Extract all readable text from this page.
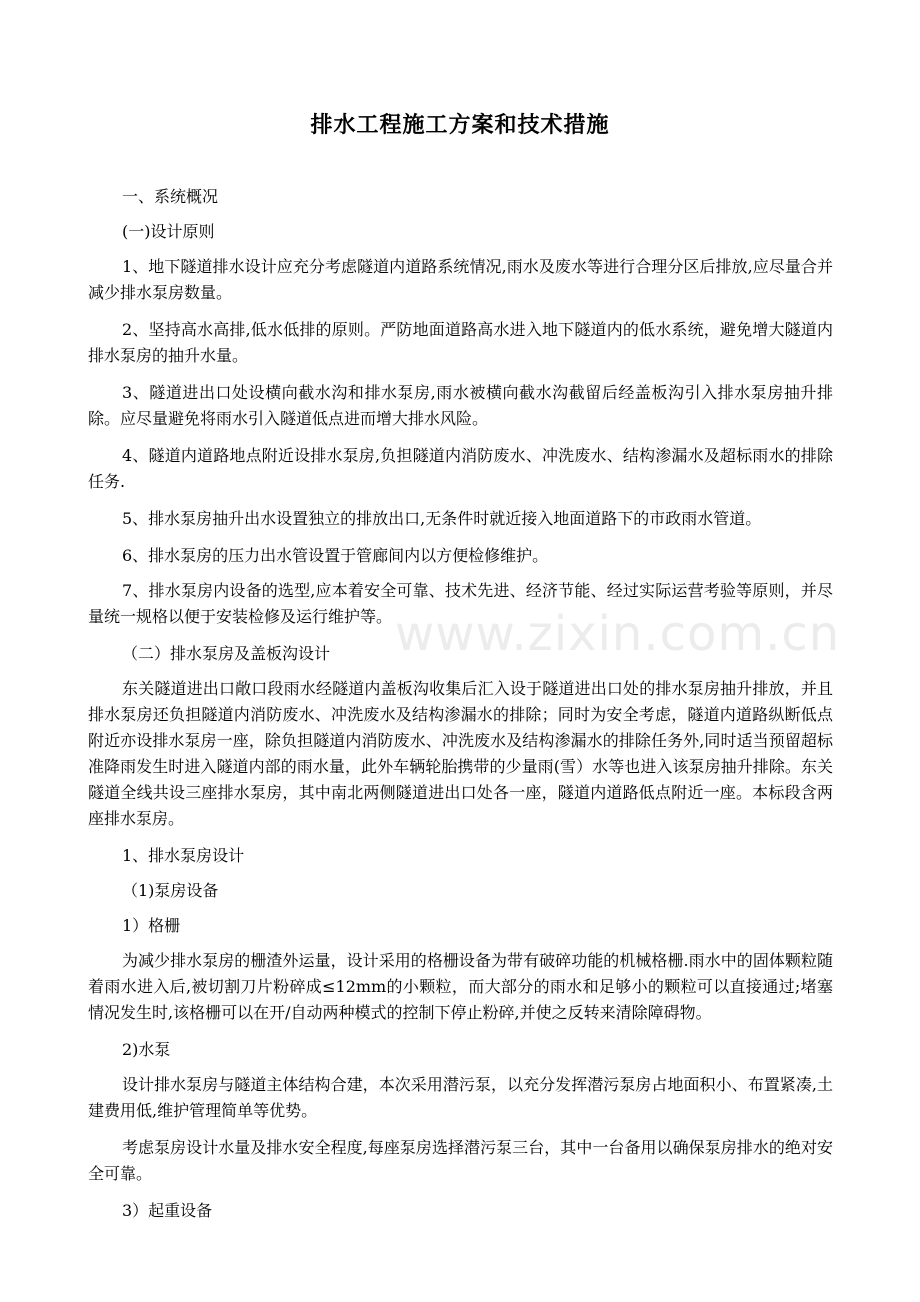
www.zixin.com.cn
排水工程施工方案和技术措施

一、系统概况

(一)设计原则

1、地下隧道排水设计应充分考虑隧道内道路系统情况,雨水及废水等进行合理分区后排放,应尽量合并减少排水泵房数量。

2、坚持高水高排,低水低排的原则。严防地面道路高水进入地下隧道内的低水系统，避免增大隧道内排水泵房的抽升水量。

3、隧道进出口处设横向截水沟和排水泵房,雨水被横向截水沟截留后经盖板沟引入排水泵房抽升排除。应尽量避免将雨水引入隧道低点进而增大排水风险。

4、隧道内道路地点附近设排水泵房,负担隧道内消防废水、冲洗废水、结构渗漏水及超标雨水的排除任务.

5、排水泵房抽升出水设置独立的排放出口,无条件时就近接入地面道路下的市政雨水管道。

6、排水泵房的压力出水管设置于管廊间内以方便检修维护。

7、排水泵房内设备的选型,应本着安全可靠、技术先进、经济节能、经过实际运营考验等原则，并尽量统一规格以便于安装检修及运行维护等。

（二）排水泵房及盖板沟设计

东关隧道进出口敞口段雨水经隧道内盖板沟收集后汇入设于隧道进出口处的排水泵房抽升排放，并且排水泵房还负担隧道内消防废水、冲洗废水及结构渗漏水的排除；同时为安全考虑，隧道内道路纵断低点附近亦设排水泵房一座，除负担隧道内消防废水、冲洗废水及结构渗漏水的排除任务外,同时适当预留超标准降雨发生时进入隧道内部的雨水量，此外车辆轮胎携带的少量雨(雪）水等也进入该泵房抽升排除。东关隧道全线共设三座排水泵房，其中南北两侧隧道进出口处各一座，隧道内道路低点附近一座。本标段含两座排水泵房。

1、排水泵房设计

（1)泵房设备

1）格栅

为减少排水泵房的栅渣外运量，设计采用的格栅设备为带有破碎功能的机械格栅.雨水中的固体颗粒随着雨水进入后,被切割刀片粉碎成≤12mm的小颗粒，而大部分的雨水和足够小的颗粒可以直接通过;堵塞情况发生时,该格栅可以在开/自动两种模式的控制下停止粉碎,并使之反转来清除障碍物。

2)水泵

设计排水泵房与隧道主体结构合建，本次采用潜污泵，以充分发挥潜污泵房占地面积小、布置紧凑,土建费用低,维护管理简单等优势。

考虑泵房设计水量及排水安全程度,每座泵房选择潜污泵三台，其中一台备用以确保泵房排水的绝对安全可靠。

3）起重设备
